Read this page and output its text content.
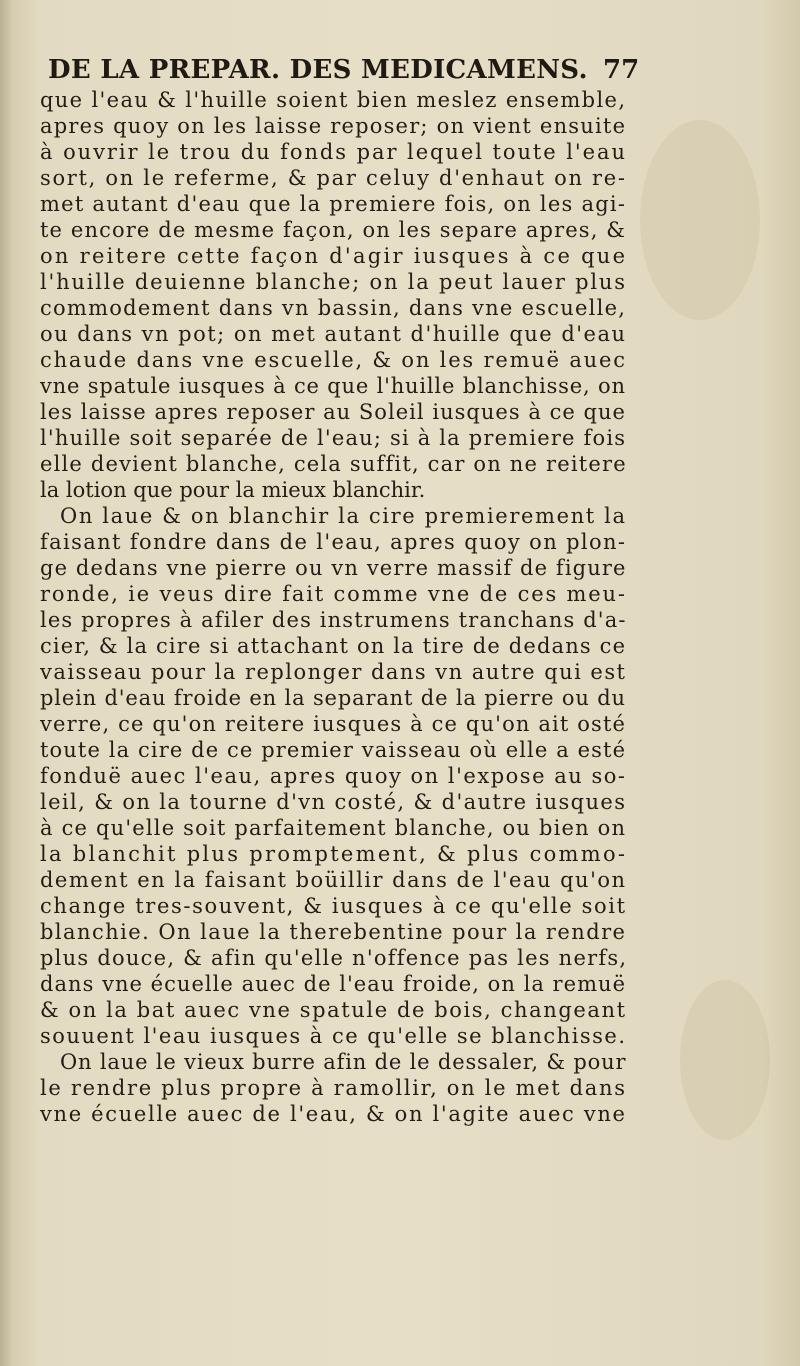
DE LA PREPAR. DES MEDICAMENS. 77
que l'eau & l'huille soient bien meslez ensemble,
apres quoy on les laisse reposer; on vient ensuite
à ouvrir le trou du fonds par lequel toute l'eau
sort, on le referme, & par celuy d'enhaut on re-
met autant d'eau que la premiere fois, on les agi-
te encore de mesme façon, on les separe apres, &
on reitere cette façon d'agir iusques à ce que
l'huille deuienne blanche; on la peut lauer plus
commodement dans vn bassin, dans vne escuelle,
ou dans vn pot; on met autant d'huille que d'eau
chaude dans vne escuelle, & on les remuë auec
vne spatule iusques à ce que l'huille blanchisse, on
les laisse apres reposer au Soleil iusques à ce que
l'huille soit separée de l'eau; si à la premiere fois
elle devient blanche, cela suffit, car on ne reitere
la lotion que pour la mieux blanchir.
On laue & on blanchir la cire premierement la
faisant fondre dans de l'eau, apres quoy on plon-
ge dedans vne pierre ou vn verre massif de figure
ronde, ie veus dire fait comme vne de ces meu-
les propres à afiler des instrumens tranchans d'a-
cier, & la cire si attachant on la tire de dedans ce
vaisseau pour la replonger dans vn autre qui est
plein d'eau froide en la separant de la pierre ou du
verre, ce qu'on reitere iusques à ce qu'on ait osté
toute la cire de ce premier vaisseau où elle a esté
fonduë auec l'eau, apres quoy on l'expose au so-
leil, & on la tourne d'vn costé, & d'autre iusques
à ce qu'elle soit parfaitement blanche, ou bien on
la blanchit plus promptement, & plus commo-
dement en la faisant boüillir dans de l'eau qu'on
change tres-souvent, & iusques à ce qu'elle soit
blanchie. On laue la therebentine pour la rendre
plus douce, & afin qu'elle n'offence pas les nerfs,
dans vne écuelle auec de l'eau froide, on la remuë
& on la bat auec vne spatule de bois, changeant
souuent l'eau iusques à ce qu'elle se blanchisse.
On laue le vieux burre afin de le dessaler, & pour
le rendre plus propre à ramollir, on le met dans
vne écuelle auec de l'eau, & on l'agite auec vne
